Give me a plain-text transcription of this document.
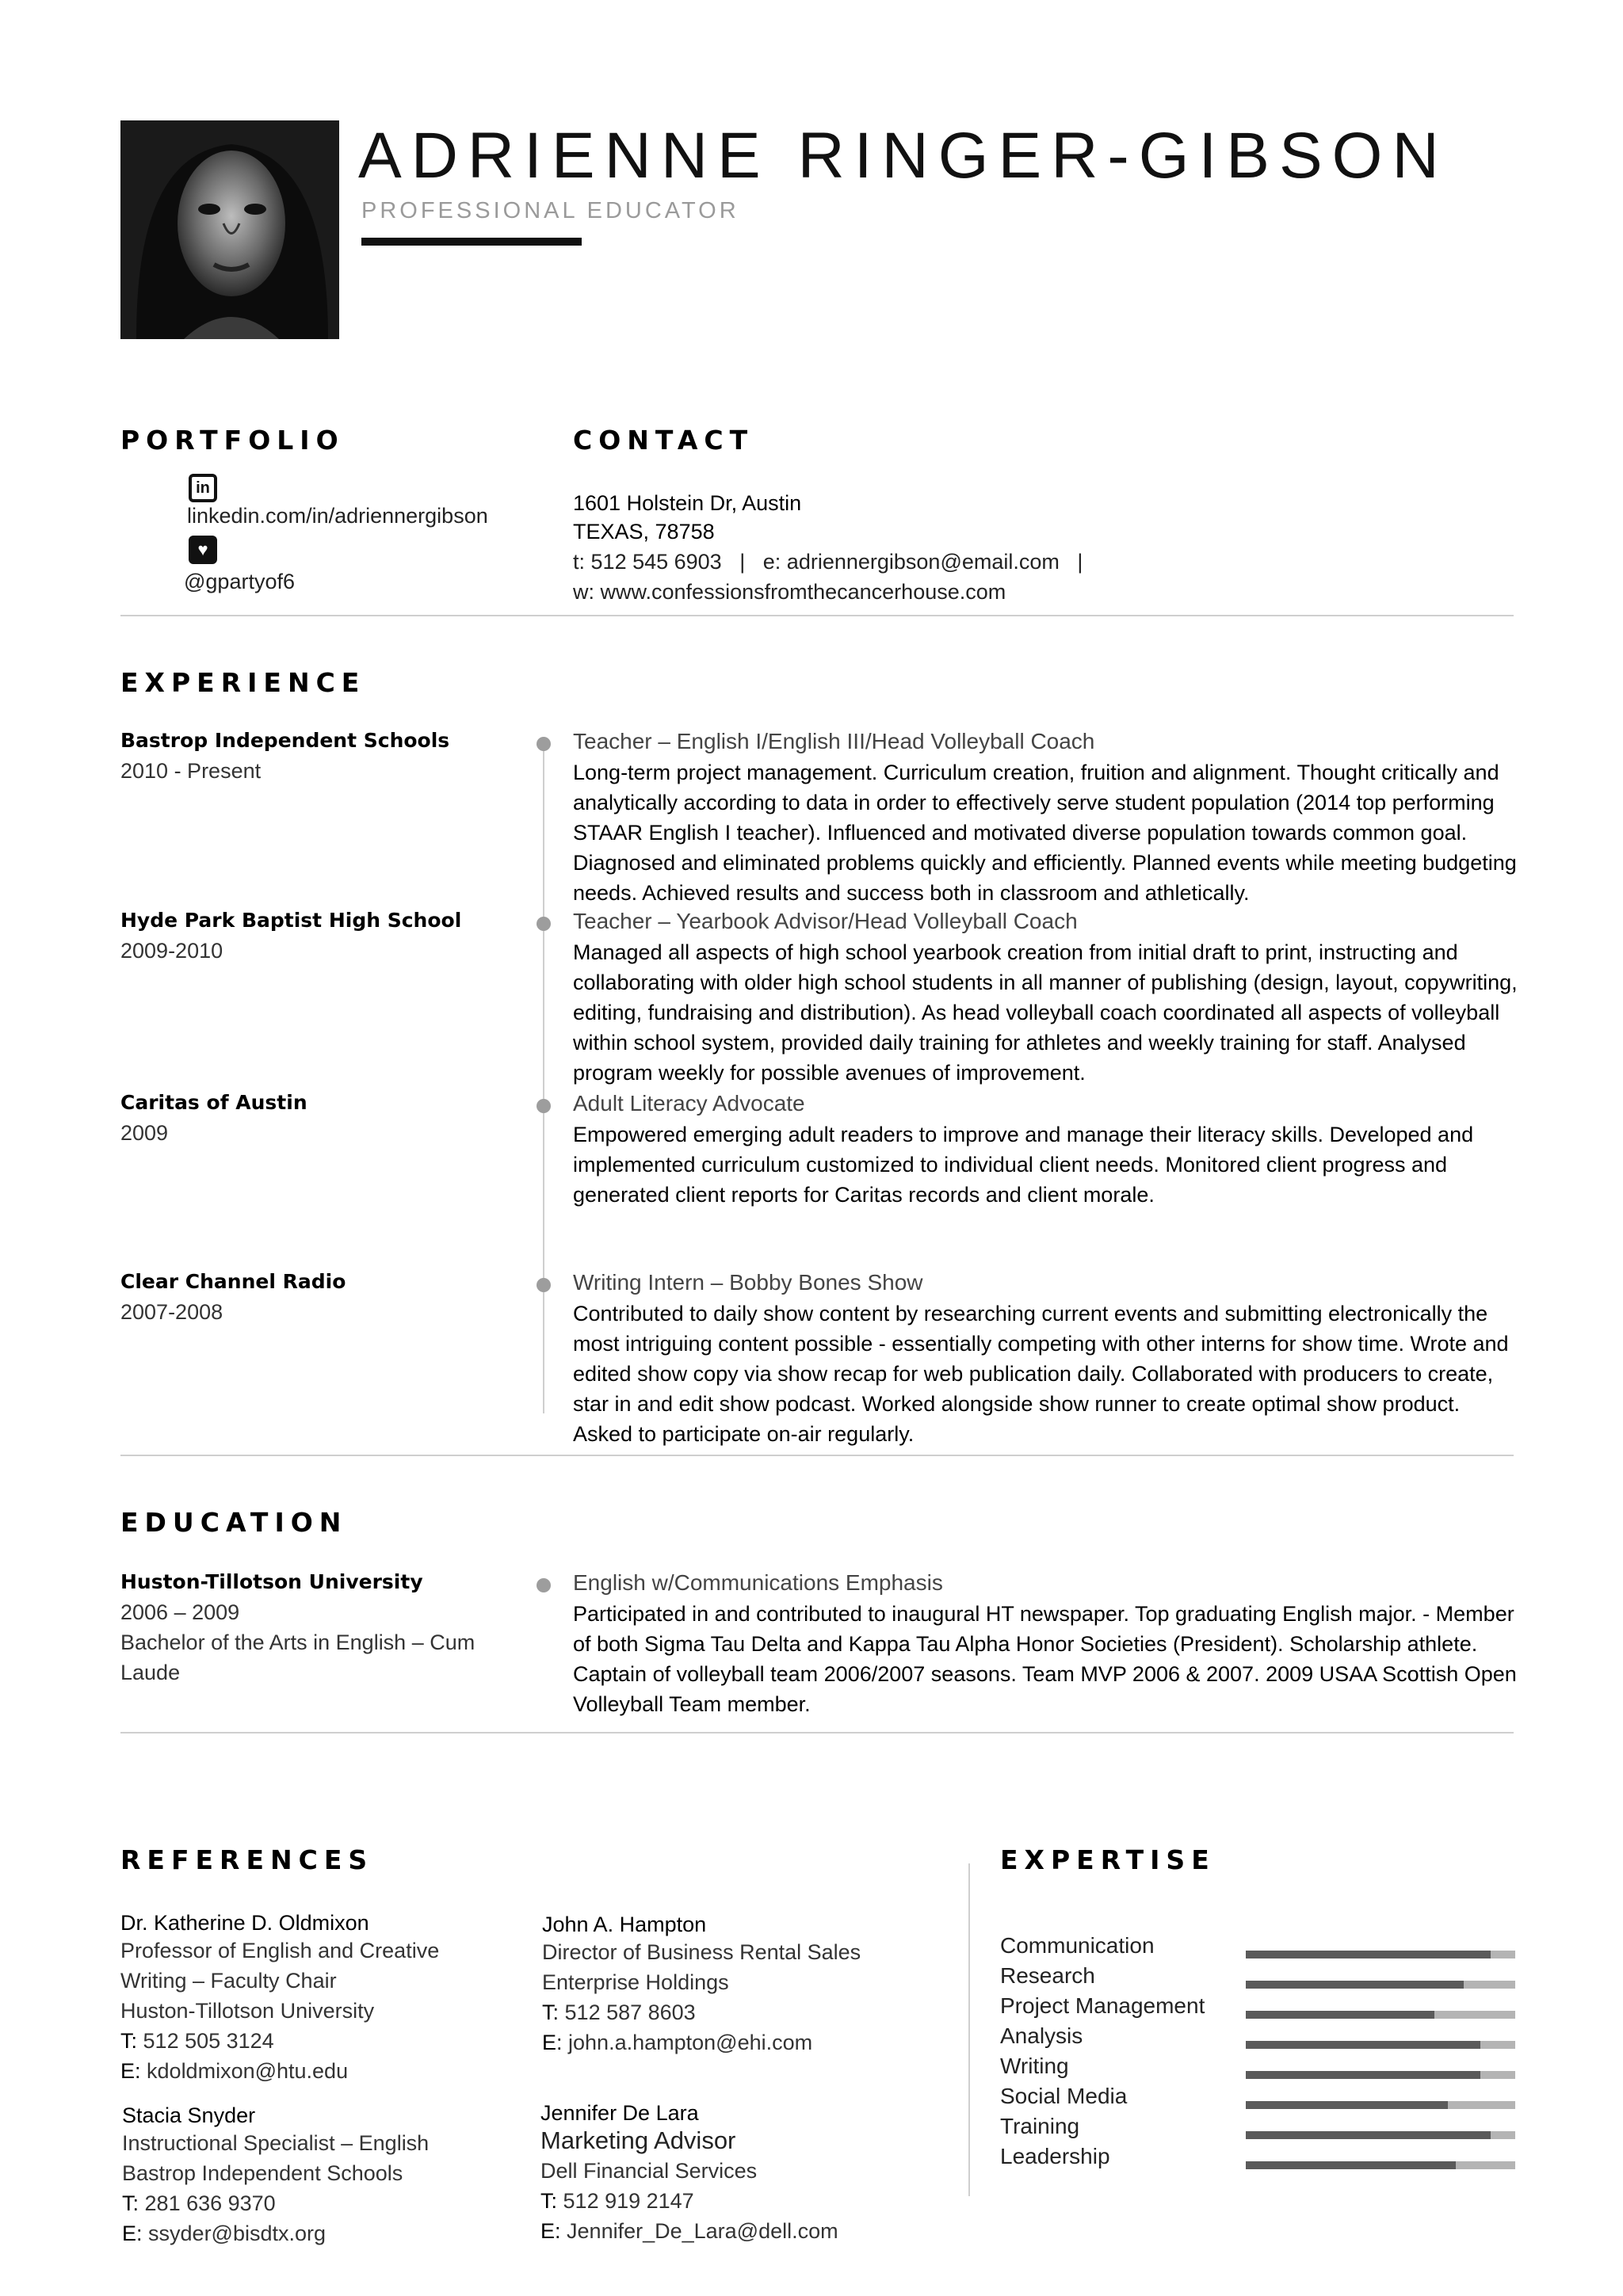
ADRIENNE RINGER-GIBSON
PROFESSIONAL EDUCATOR
PORTFOLIO
in
linkedin.com/in/adriennergibson
♥
@gpartyof6
CONTACT
1601 Holstein Dr, Austin
TEXAS, 78758
t: 512 545 6903 | e: adriennergibson@email.com |
w: www.confessionsfromthecancerhouse.com
EXPERIENCE
Bastrop Independent Schools
2010 - Present
Teacher – English I/English III/Head Volleyball Coach
Long-term project management. Curriculum creation, fruition and alignment. Thought critically and analytically according to data in order to effectively serve student population (2014 top performing STAAR English I teacher). Influenced and motivated diverse population towards common goal. Diagnosed and eliminated problems quickly and efficiently. Planned events while meeting budgeting needs. Achieved results and success both in classroom and athletically.
Hyde Park Baptist High School
2009-2010
Teacher – Yearbook Advisor/Head Volleyball Coach
Managed all aspects of high school yearbook creation from initial draft to print, instructing and collaborating with older high school students in all manner of publishing (design, layout, copywriting, editing, fundraising and distribution). As head volleyball coach coordinated all aspects of volleyball within school system, provided daily training for athletes and weekly training for staff. Analysed program weekly for possible avenues of improvement.
Caritas of Austin
2009
Adult Literacy Advocate
Empowered emerging adult readers to improve and manage their literacy skills. Developed and implemented curriculum customized to individual client needs. Monitored client progress and generated client reports for Caritas records and client morale.
Clear Channel Radio
2007-2008
Writing Intern – Bobby Bones Show
Contributed to daily show content by researching current events and submitting electronically the most intriguing content possible - essentially competing with other interns for show time. Wrote and edited show copy via show recap for web publication daily. Collaborated with producers to create, star in and edit show podcast. Worked alongside show runner to create optimal show product. Asked to participate on-air regularly.
EDUCATION
Huston-Tillotson University
2006 – 2009
Bachelor of the Arts in English – Cum
Laude
English w/Communications Emphasis
Participated in and contributed to inaugural HT newspaper. Top graduating English major. - Member of both Sigma Tau Delta and Kappa Tau Alpha Honor Societies (President). Scholarship athlete. Captain of volleyball team 2006/2007 seasons. Team MVP 2006 & 2007. 2009 USAA Scottish Open Volleyball Team member.
REFERENCES
Dr. Katherine D. Oldmixon
Professor of English and Creative
Writing – Faculty Chair
Huston-Tillotson University
T: 512 505 3124
E: kdoldmixon@htu.edu
Stacia Snyder
Instructional Specialist – English
Bastrop Independent Schools
T: 281 636 9370
E: ssyder@bisdtx.org
John A. Hampton
Director of Business Rental Sales
Enterprise Holdings
T: 512 587 8603
E: john.a.hampton@ehi.com
Jennifer De Lara
Marketing Advisor
Dell Financial Services
T: 512 919 2147
E: Jennifer_De_Lara@dell.com
EXPERTISE
Communication
Research
Project Management
Analysis
Writing
Social Media
Training
Leadership
